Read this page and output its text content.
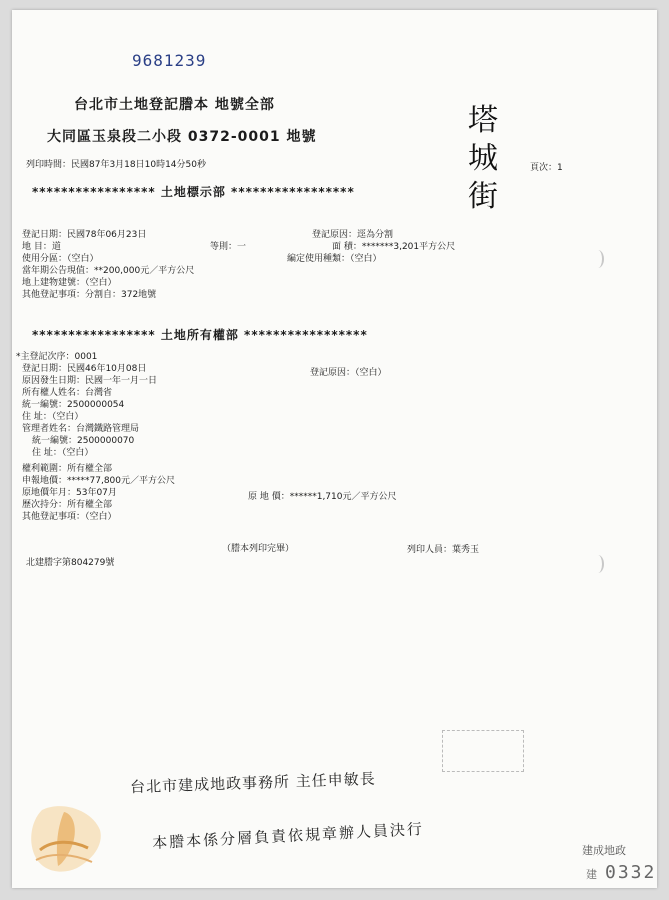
9681239
台北市土地登記謄本 地號全部
大同區玉泉段二小段 0372-0001 地號	塔
城
街
列印時間：民國87年3月18日10時14分50秒	頁次：1
***************** 土地標示部 *****************
登記日期：民國78年06月23日	登記原因：逕為分割
地 目：道	等則：一	面 積：*******3,201平方公尺
使用分區：（空白）	編定使用種類：（空白）
當年期公告現值：**200,000元／平方公尺
地上建物建號：（空白）
其他登記事項：分割自：372地號
***************** 土地所有權部 *****************
*主登記次序：0001
登記日期：民國46年10月08日	登記原因：（空白）
原因發生日期：民國一年一月一日
所有權人姓名：台灣省
統一編號：2500000054
住 址：（空白）
管理者姓名：台灣鐵路管理局
統一編號：2500000070
住 址：（空白）
權利範圍：所有權全部
申報地價：*****77,800元／平方公尺
原地價年月：53年07月	原 地 價：******1,710元／平方公尺
歷次持分：所有權全部
其他登記事項：（空白）
（謄本列印完畢）	列印人員：葉秀玉
北建謄字第804279號
台北市建成地政事務所 主任申敏長
本謄本係分層負責依規章辦人員決行	建成地政
建 0332
